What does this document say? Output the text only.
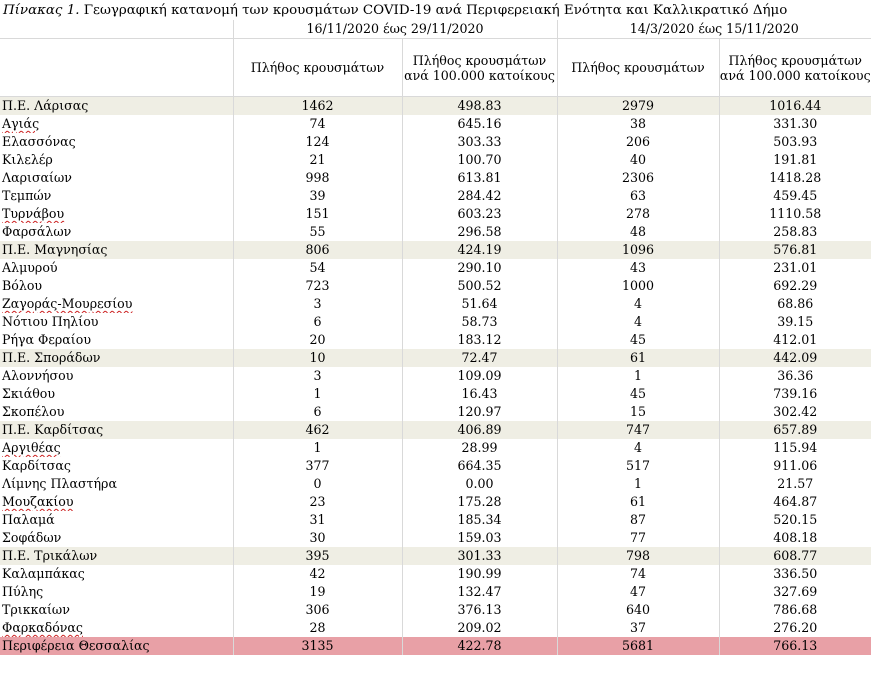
Πίνακας 1. Γεωγραφική κατανομή των κρουσμάτων COVID-19 ανά Περιφερειακή Ενότητα και Καλλικρατικό Δήμο
	16/11/2020 έως 29/11/2020		14/3/2020 έως 15/11/2020	
	Πλήθος κρουσμάτων	Πλήθος κρουσμάτων ανά 100.000 κατοίκους	Πλήθος κρουσμάτων	Πλήθος κρουσμάτων ανά 100.000 κατοίκους
Π.Ε. Λάρισας	1462	498.83	2979	1016.44
Αγιάς	74	645.16	38	331.30
Ελασσόνας	124	303.33	206	503.93
Κιλελέρ	21	100.70	40	191.81
Λαρισαίων	998	613.81	2306	1418.28
Τεμπών	39	284.42	63	459.45
Τυρνάβου	151	603.23	278	1110.58
Φαρσάλων	55	296.58	48	258.83
Π.Ε. Μαγνησίας	806	424.19	1096	576.81
Αλμυρού	54	290.10	43	231.01
Βόλου	723	500.52	1000	692.29
Ζαγοράς-Μουρεσίου	3	51.64	4	68.86
Νότιου Πηλίου	6	58.73	4	39.15
Ρήγα Φεραίου	20	183.12	45	412.01
Π.Ε. Σποράδων	10	72.47	61	442.09
Αλοννήσου	3	109.09	1	36.36
Σκιάθου	1	16.43	45	739.16
Σκοπέλου	6	120.97	15	302.42
Π.Ε. Καρδίτσας	462	406.89	747	657.89
Αργιθέας	1	28.99	4	115.94
Καρδίτσας	377	664.35	517	911.06
Λίμνης Πλαστήρα	0	0.00	1	21.57
Μουζακίου	23	175.28	61	464.87
Παλαμά	31	185.34	87	520.15
Σοφάδων	30	159.03	77	408.18
Π.Ε. Τρικάλων	395	301.33	798	608.77
Καλαμπάκας	42	190.99	74	336.50
Πύλης	19	132.47	47	327.69
Τρικκαίων	306	376.13	640	786.68
Φαρκαδόνας	28	209.02	37	276.20
Περιφέρεια Θεσσαλίας	3135	422.78	5681	766.13
